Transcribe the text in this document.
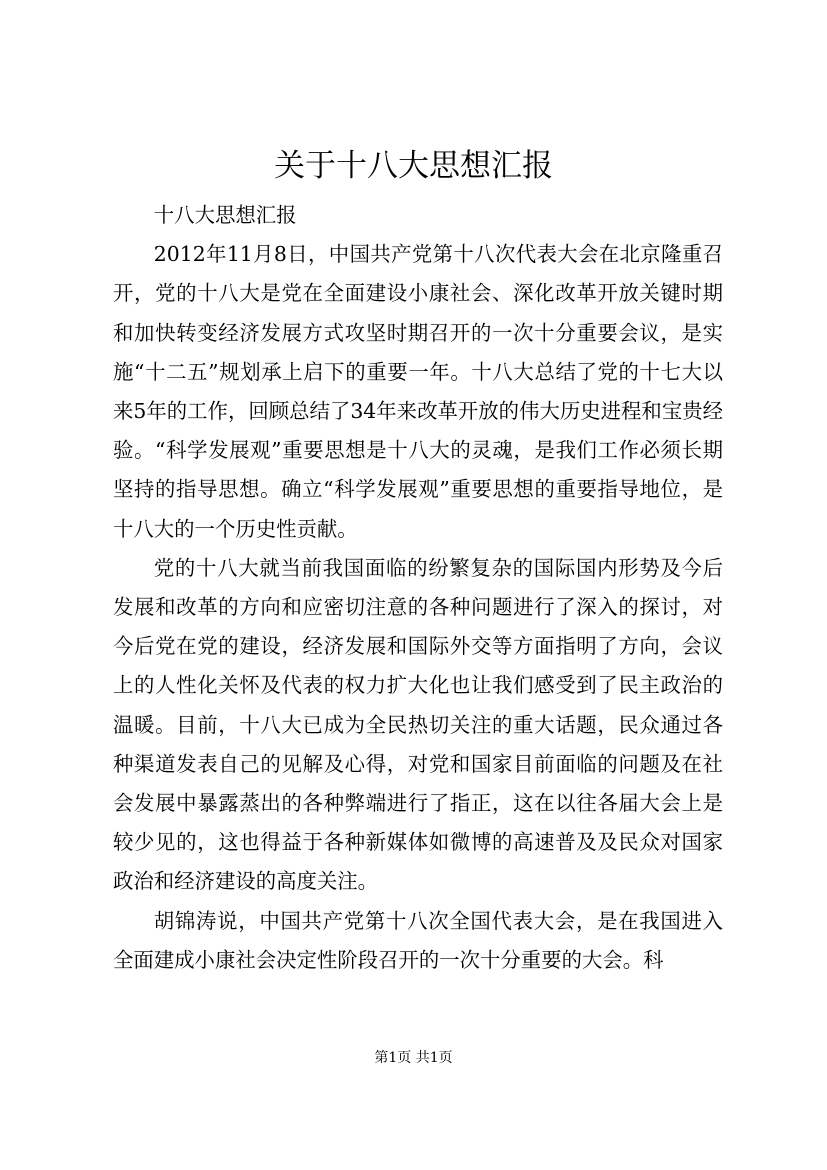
关于十八大思想汇报

十八大思想汇报

2012年11月8日，中国共产党第十八次代表大会在北京隆重召开，党的十八大是党在全面建设小康社会、深化改革开放关键时期和加快转变经济发展方式攻坚时期召开的一次十分重要会议，是实施“十二五”规划承上启下的重要一年。十八大总结了党的十七大以来5年的工作，回顾总结了34年来改革开放的伟大历史进程和宝贵经验。“科学发展观”重要思想是十八大的灵魂，是我们工作必须长期坚持的指导思想。确立“科学发展观”重要思想的重要指导地位，是十八大的一个历史性贡献。

党的十八大就当前我国面临的纷繁复杂的国际国内形势及今后发展和改革的方向和应密切注意的各种问题进行了深入的探讨，对今后党在党的建设，经济发展和国际外交等方面指明了方向，会议上的人性化关怀及代表的权力扩大化也让我们感受到了民主政治的温暖。目前，十八大已成为全民热切关注的重大话题，民众通过各种渠道发表自己的见解及心得，对党和国家目前面临的问题及在社会发展中暴露蒸出的各种弊端进行了指正，这在以往各届大会上是较少见的，这也得益于各种新媒体如微博的高速普及及民众对国家政治和经济建设的高度关注。

胡锦涛说，中国共产党第十八次全国代表大会，是在我国进入全面建成小康社会决定性阶段召开的一次十分重要的大会。科

第1页 共1页
